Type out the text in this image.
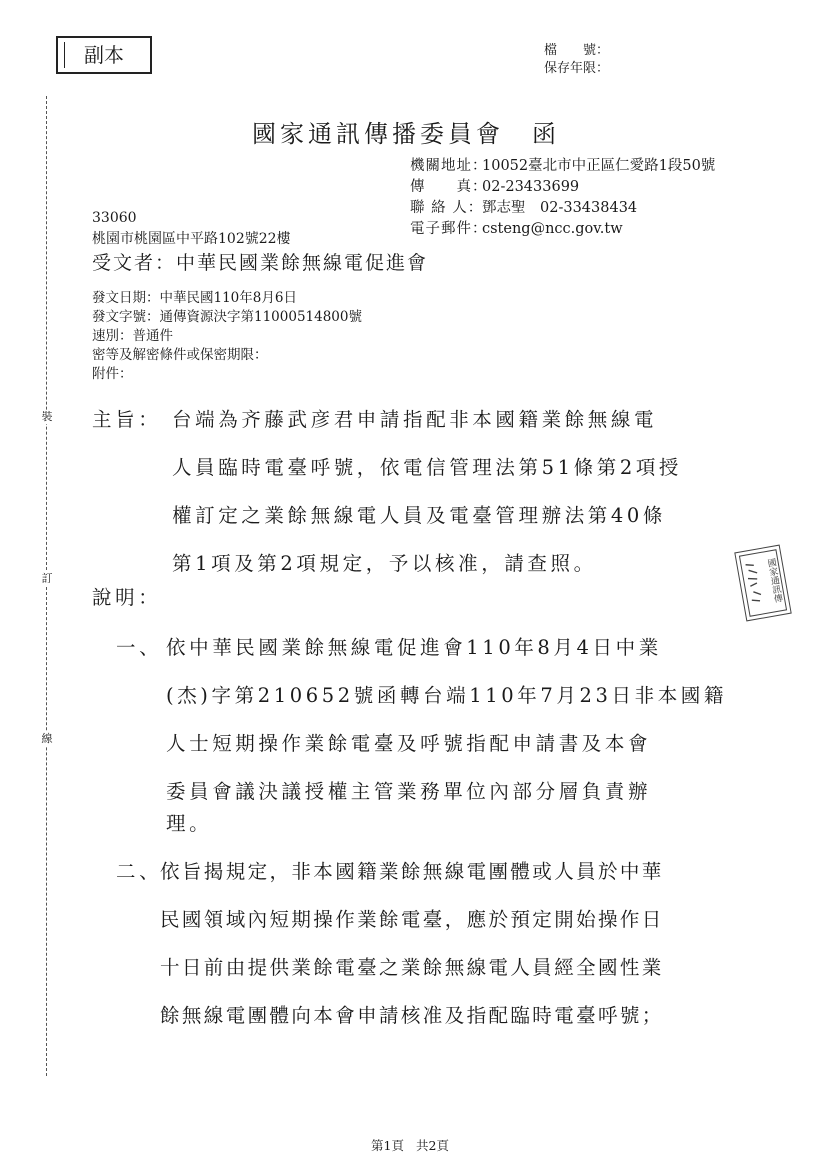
副本	檔　　號：
保存年限：
國家通訊傳播委員會 函
機關地址：10052臺北市中正區仁愛路1段50號
傳　　真：02-23433699
聯 絡 人：鄧志聖　02-33438434
電子郵件：csteng@ncc.gov.tw
33060
桃園市桃園區中平路102號22樓
受文者：中華民國業餘無線電促進會
發文日期：中華民國110年8月6日
發文字號：通傳資源決字第11000514800號
速別：普通件
密等及解密條件或保密期限：
附件：
裝
訂
線
主旨： 台端為齐藤武彦君申請指配非本國籍業餘無線電
人員臨時電臺呼號，依電信管理法第51條第2項授
權訂定之業餘無線電人員及電臺管理辦法第40條
第1項及第2項規定，予以核准，請查照。
說明：
一、 依中華民國業餘無線電促進會110年8月4日中業
(杰)字第210652號函轉台端110年7月23日非本國籍
人士短期操作業餘電臺及呼號指配申請書及本會
委員會議決議授權主管業務單位內部分層負責辦
理。
二、
依旨揭規定，非本國籍業餘無線電團體或人員於中華
民國領域內短期操作業餘電臺，應於預定開始操作日
十日前由提供業餘電臺之業餘無線電人員經全國性業
餘無線電團體向本會申請核准及指配臨時電臺呼號；
國家通訊傳
第1頁 共2頁
